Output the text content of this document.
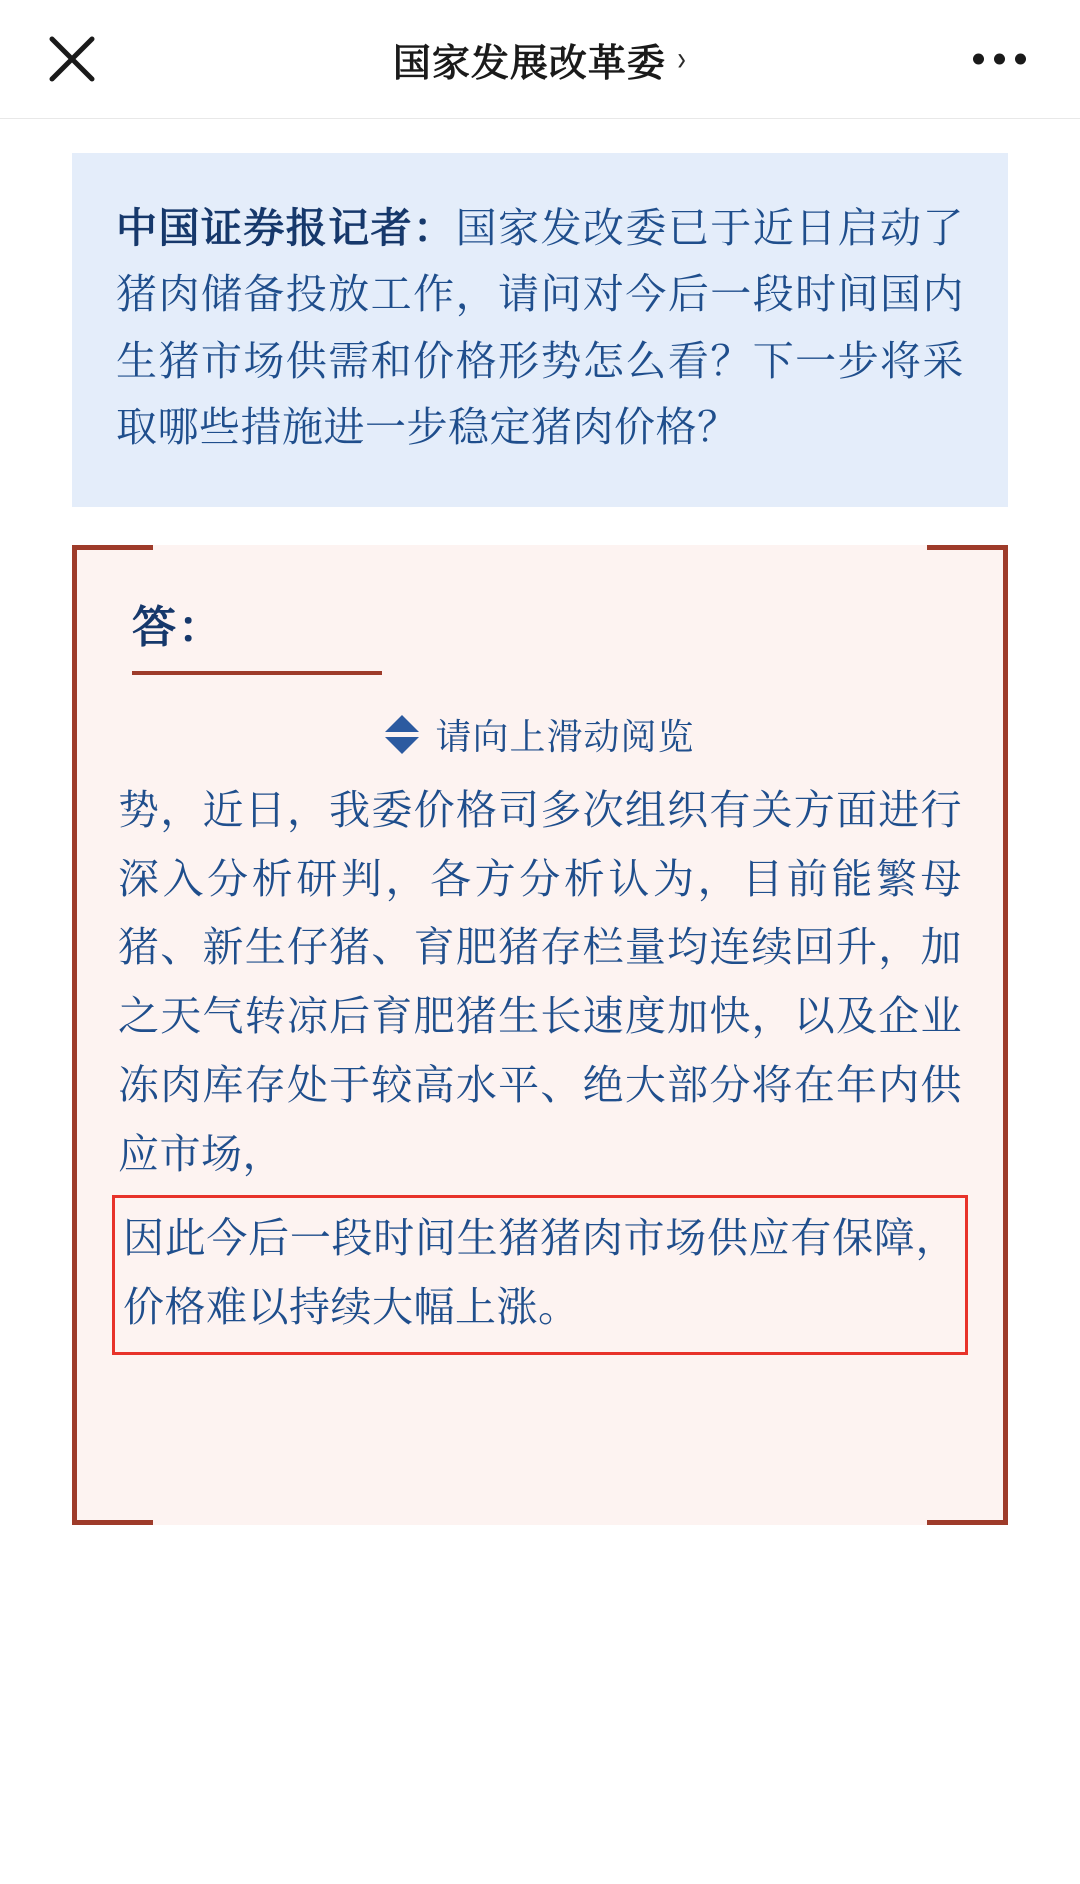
国家发展改革委 ›
中国证券报记者：国家发改委已于近日启动了猪肉储备投放工作，请问对今后一段时间国内生猪市场供需和价格形势怎么看？下一步将采取哪些措施进一步稳定猪肉价格？
答：
请向上滑动阅览
势，近日，我委价格司多次组织有关方面进行深入分析研判，各方分析认为，目前能繁母猪、新生仔猪、育肥猪存栏量均连续回升，加之天气转凉后育肥猪生长速度加快，以及企业冻肉库存处于较高水平、绝大部分将在年内供应市场，
因此今后一段时间生猪猪肉市场供应有保障，价格难以持续大幅上涨。
